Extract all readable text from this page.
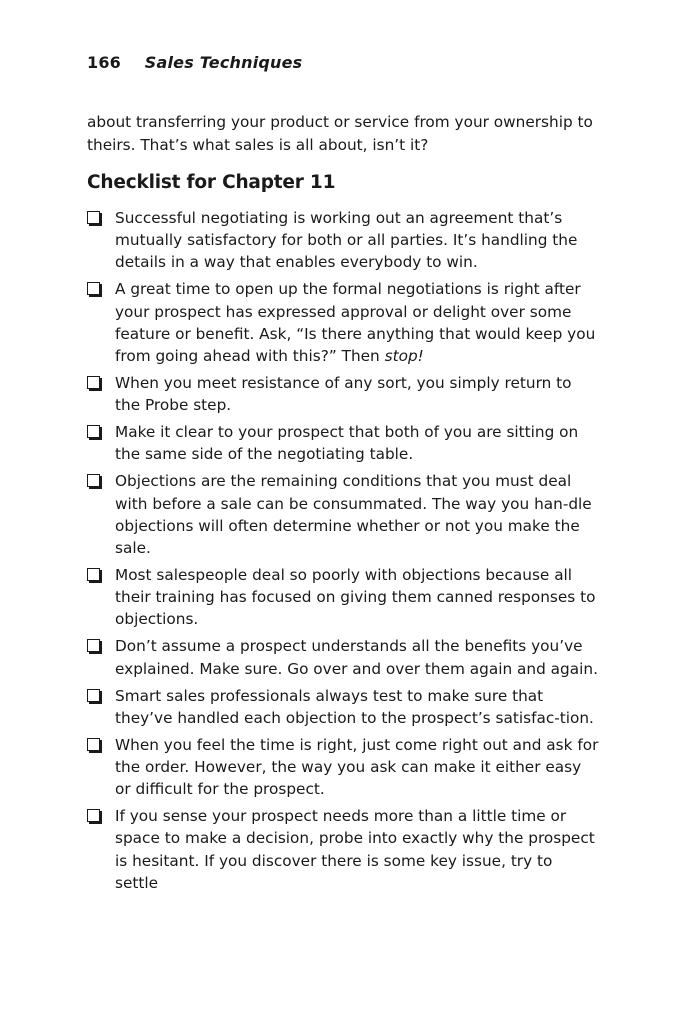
166 Sales Techniques

about transferring your product or service from your ownership to theirs. That’s what sales is all about, isn’t it?

Checklist for Chapter 11
Successful negotiating is working out an agreement that’s mutually satisfactory for both or all parties. It’s handling the details in a way that enables everybody to win.
A great time to open up the formal negotiations is right after your prospect has expressed approval or delight over some feature or benefit. Ask, “Is there anything that would keep you from going ahead with this?” Then stop!
When you meet resistance of any sort, you simply return to the Probe step.
Make it clear to your prospect that both of you are sitting on the same side of the negotiating table.
Objections are the remaining conditions that you must deal with before a sale can be consummated. The way you han-dle objections will often determine whether or not you make the sale.
Most salespeople deal so poorly with objections because all their training has focused on giving them canned responses to objections.
Don’t assume a prospect understands all the benefits you’ve explained. Make sure. Go over and over them again and again.
Smart sales professionals always test to make sure that they’ve handled each objection to the prospect’s satisfac-tion.
When you feel the time is right, just come right out and ask for the order. However, the way you ask can make it either easy or difficult for the prospect.
If you sense your prospect needs more than a little time or space to make a decision, probe into exactly why the prospect is hesitant. If you discover there is some key issue, try to settle
